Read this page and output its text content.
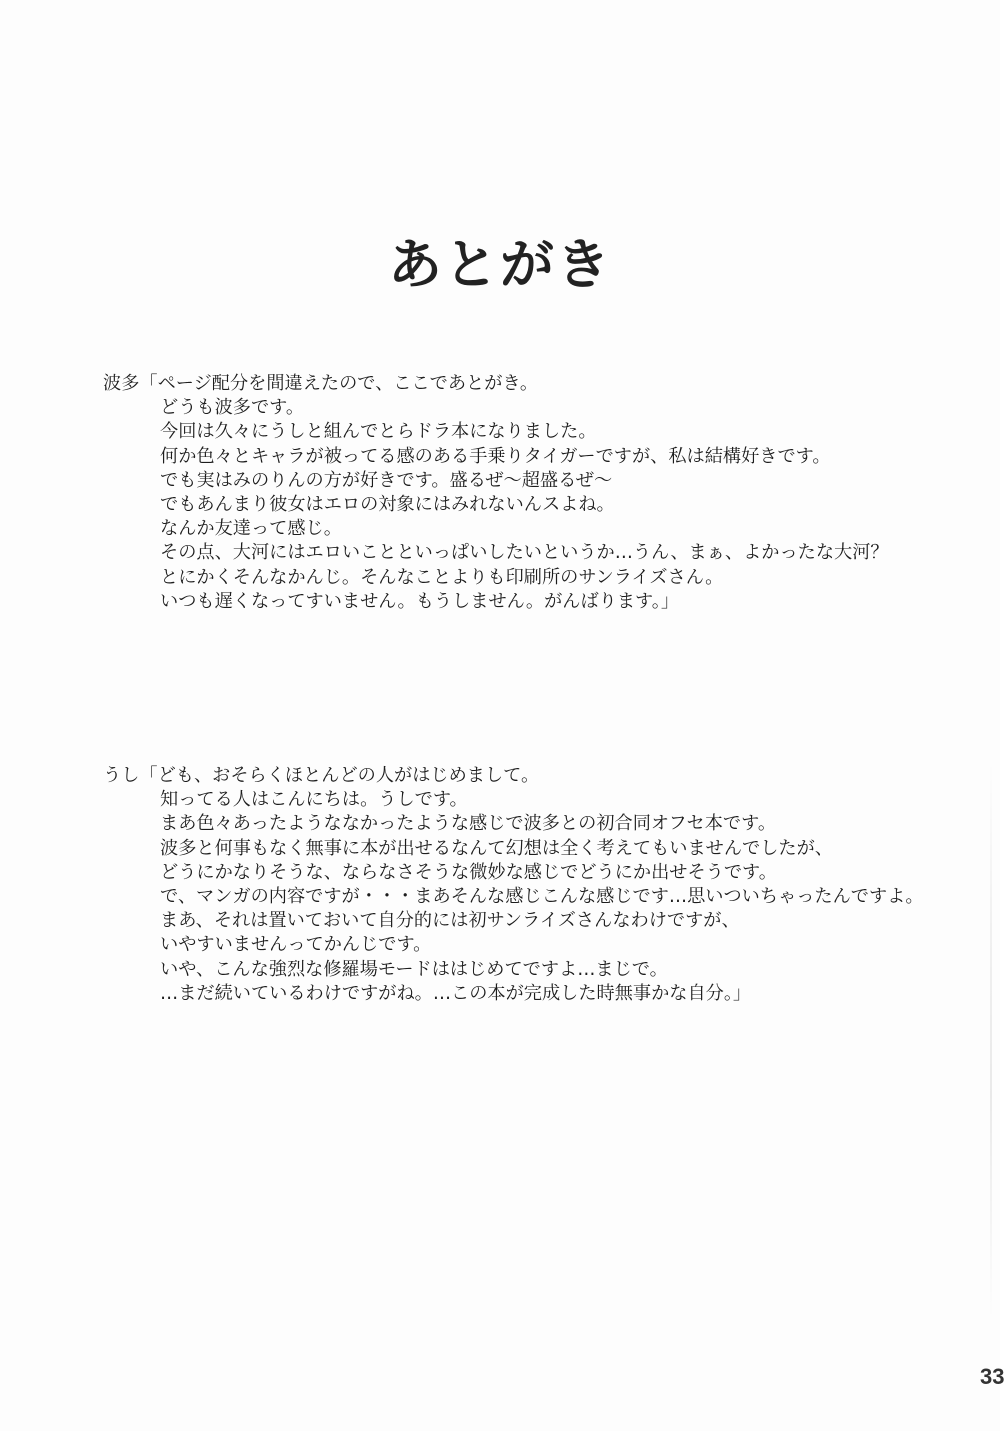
あとがき
波多「ページ配分を間違えたので、ここであとがき。
どうも波多です。
今回は久々にうしと組んでとらドラ本になりました。
何か色々とキャラが被ってる感のある手乗りタイガーですが、私は結構好きです。
でも実はみのりんの方が好きです。盛るぜ〜超盛るぜ〜
でもあんまり彼女はエロの対象にはみれないんスよね。
なんか友達って感じ。
その点、大河にはエロいことといっぱいしたいというか…うん、まぁ、よかったな大河？
とにかくそんなかんじ。そんなことよりも印刷所のサンライズさん。
いつも遅くなってすいません。もうしません。がんばります。」
うし「ども、おそらくほとんどの人がはじめまして。
知ってる人はこんにちは。うしです。
まあ色々あったようななかったような感じで波多との初合同オフセ本です。
波多と何事もなく無事に本が出せるなんて幻想は全く考えてもいませんでしたが、
どうにかなりそうな、ならなさそうな微妙な感じでどうにか出せそうです。
で、マンガの内容ですが・・・まあそんな感じこんな感じです…思いついちゃったんですよ。
まあ、それは置いておいて自分的には初サンライズさんなわけですが、
いやすいませんってかんじです。
いや、こんな強烈な修羅場モードははじめてですよ…まじで。
…まだ続いているわけですがね。…この本が完成した時無事かな自分。」
33
